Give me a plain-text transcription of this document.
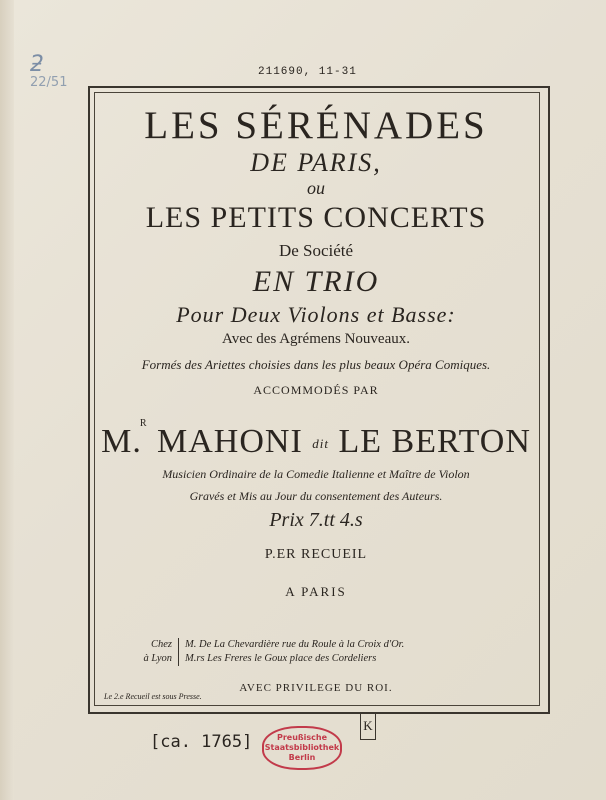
ƻ
22/51
211690, 11-31
LES SÉRÉNADES
DE PARIS,
ou
LES PETITS CONCERTS
De Société
EN TRIO
Pour Deux Violons et Basse:
Avec des Agrémens Nouveaux.
Formés des Ariettes choisies dans les plus beaux Opéra Comiques.
ACCOMMODÉS PAR
M.$^R$ MAHONI dit LE BERTON
Musicien Ordinaire de la Comedie Italienne et Maître de Violon
Gravés et Mis au Jour du consentement des Auteurs.
Prix 7.tt 4.s
P.ER RECUEIL
A PARIS
Chez	M. De La Chevardière rue du Roule à la Croix d'Or.
à Lyon	M.rs Les Freres le Goux place des Cordeliers
AVEC PRIVILEGE DU ROI.
Le 2.e Recueil est sous Presse.
K
[ca. 1765]	Preußische
Staatsbibliothek
Berlin
